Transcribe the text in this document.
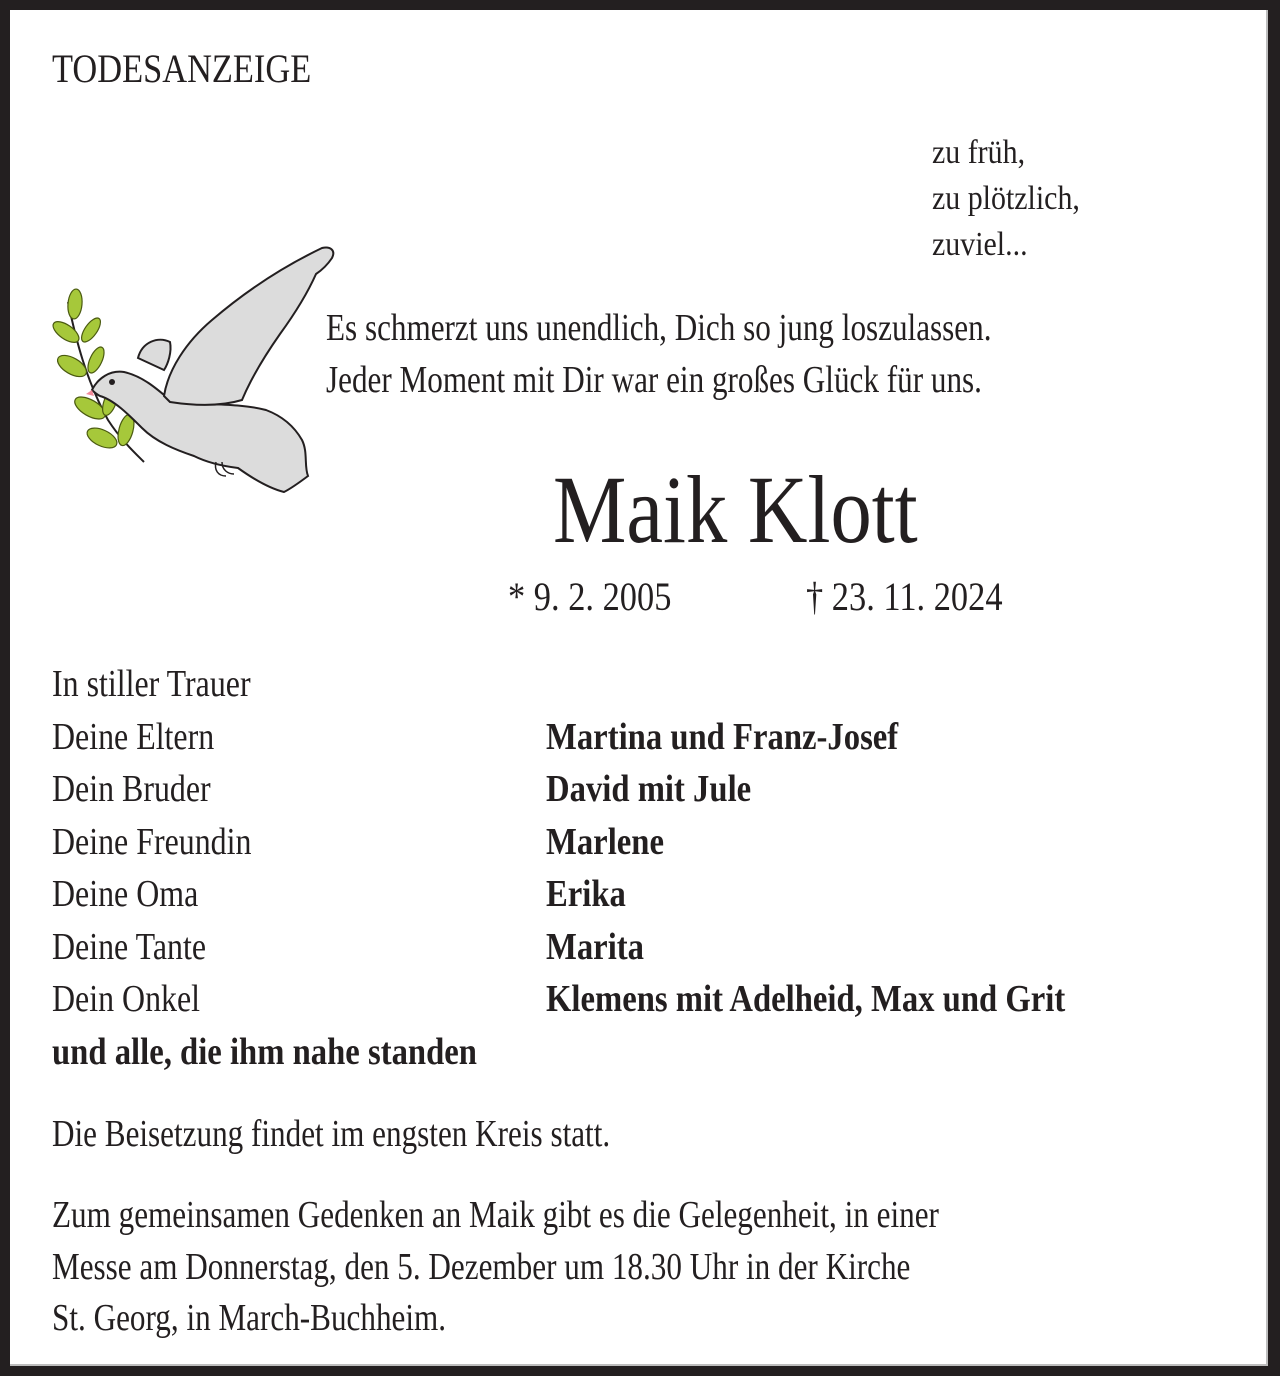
TODESANZEIGE
zu früh,
zu plötzlich,
zuviel...
Es schmerzt uns unendlich, Dich so jung loszulassen.
Jeder Moment mit Dir war ein großes Glück für uns.
Maik Klott
* 9. 2. 2005	† 23. 11. 2024
In stiller Trauer
Deine Eltern	Martina und Franz-Josef
Dein Bruder	David mit Jule
Deine Freundin	Marlene
Deine Oma	Erika
Deine Tante	Marita
Dein Onkel	Klemens mit Adelheid, Max und Grit
und alle, die ihm nahe standen
Die Beisetzung findet im engsten Kreis statt.
Zum gemeinsamen Gedenken an Maik gibt es die Gelegenheit, in einer
Messe am Donnerstag, den 5. Dezember um 18.30 Uhr in der Kirche
St. Georg, in March-Buchheim.
